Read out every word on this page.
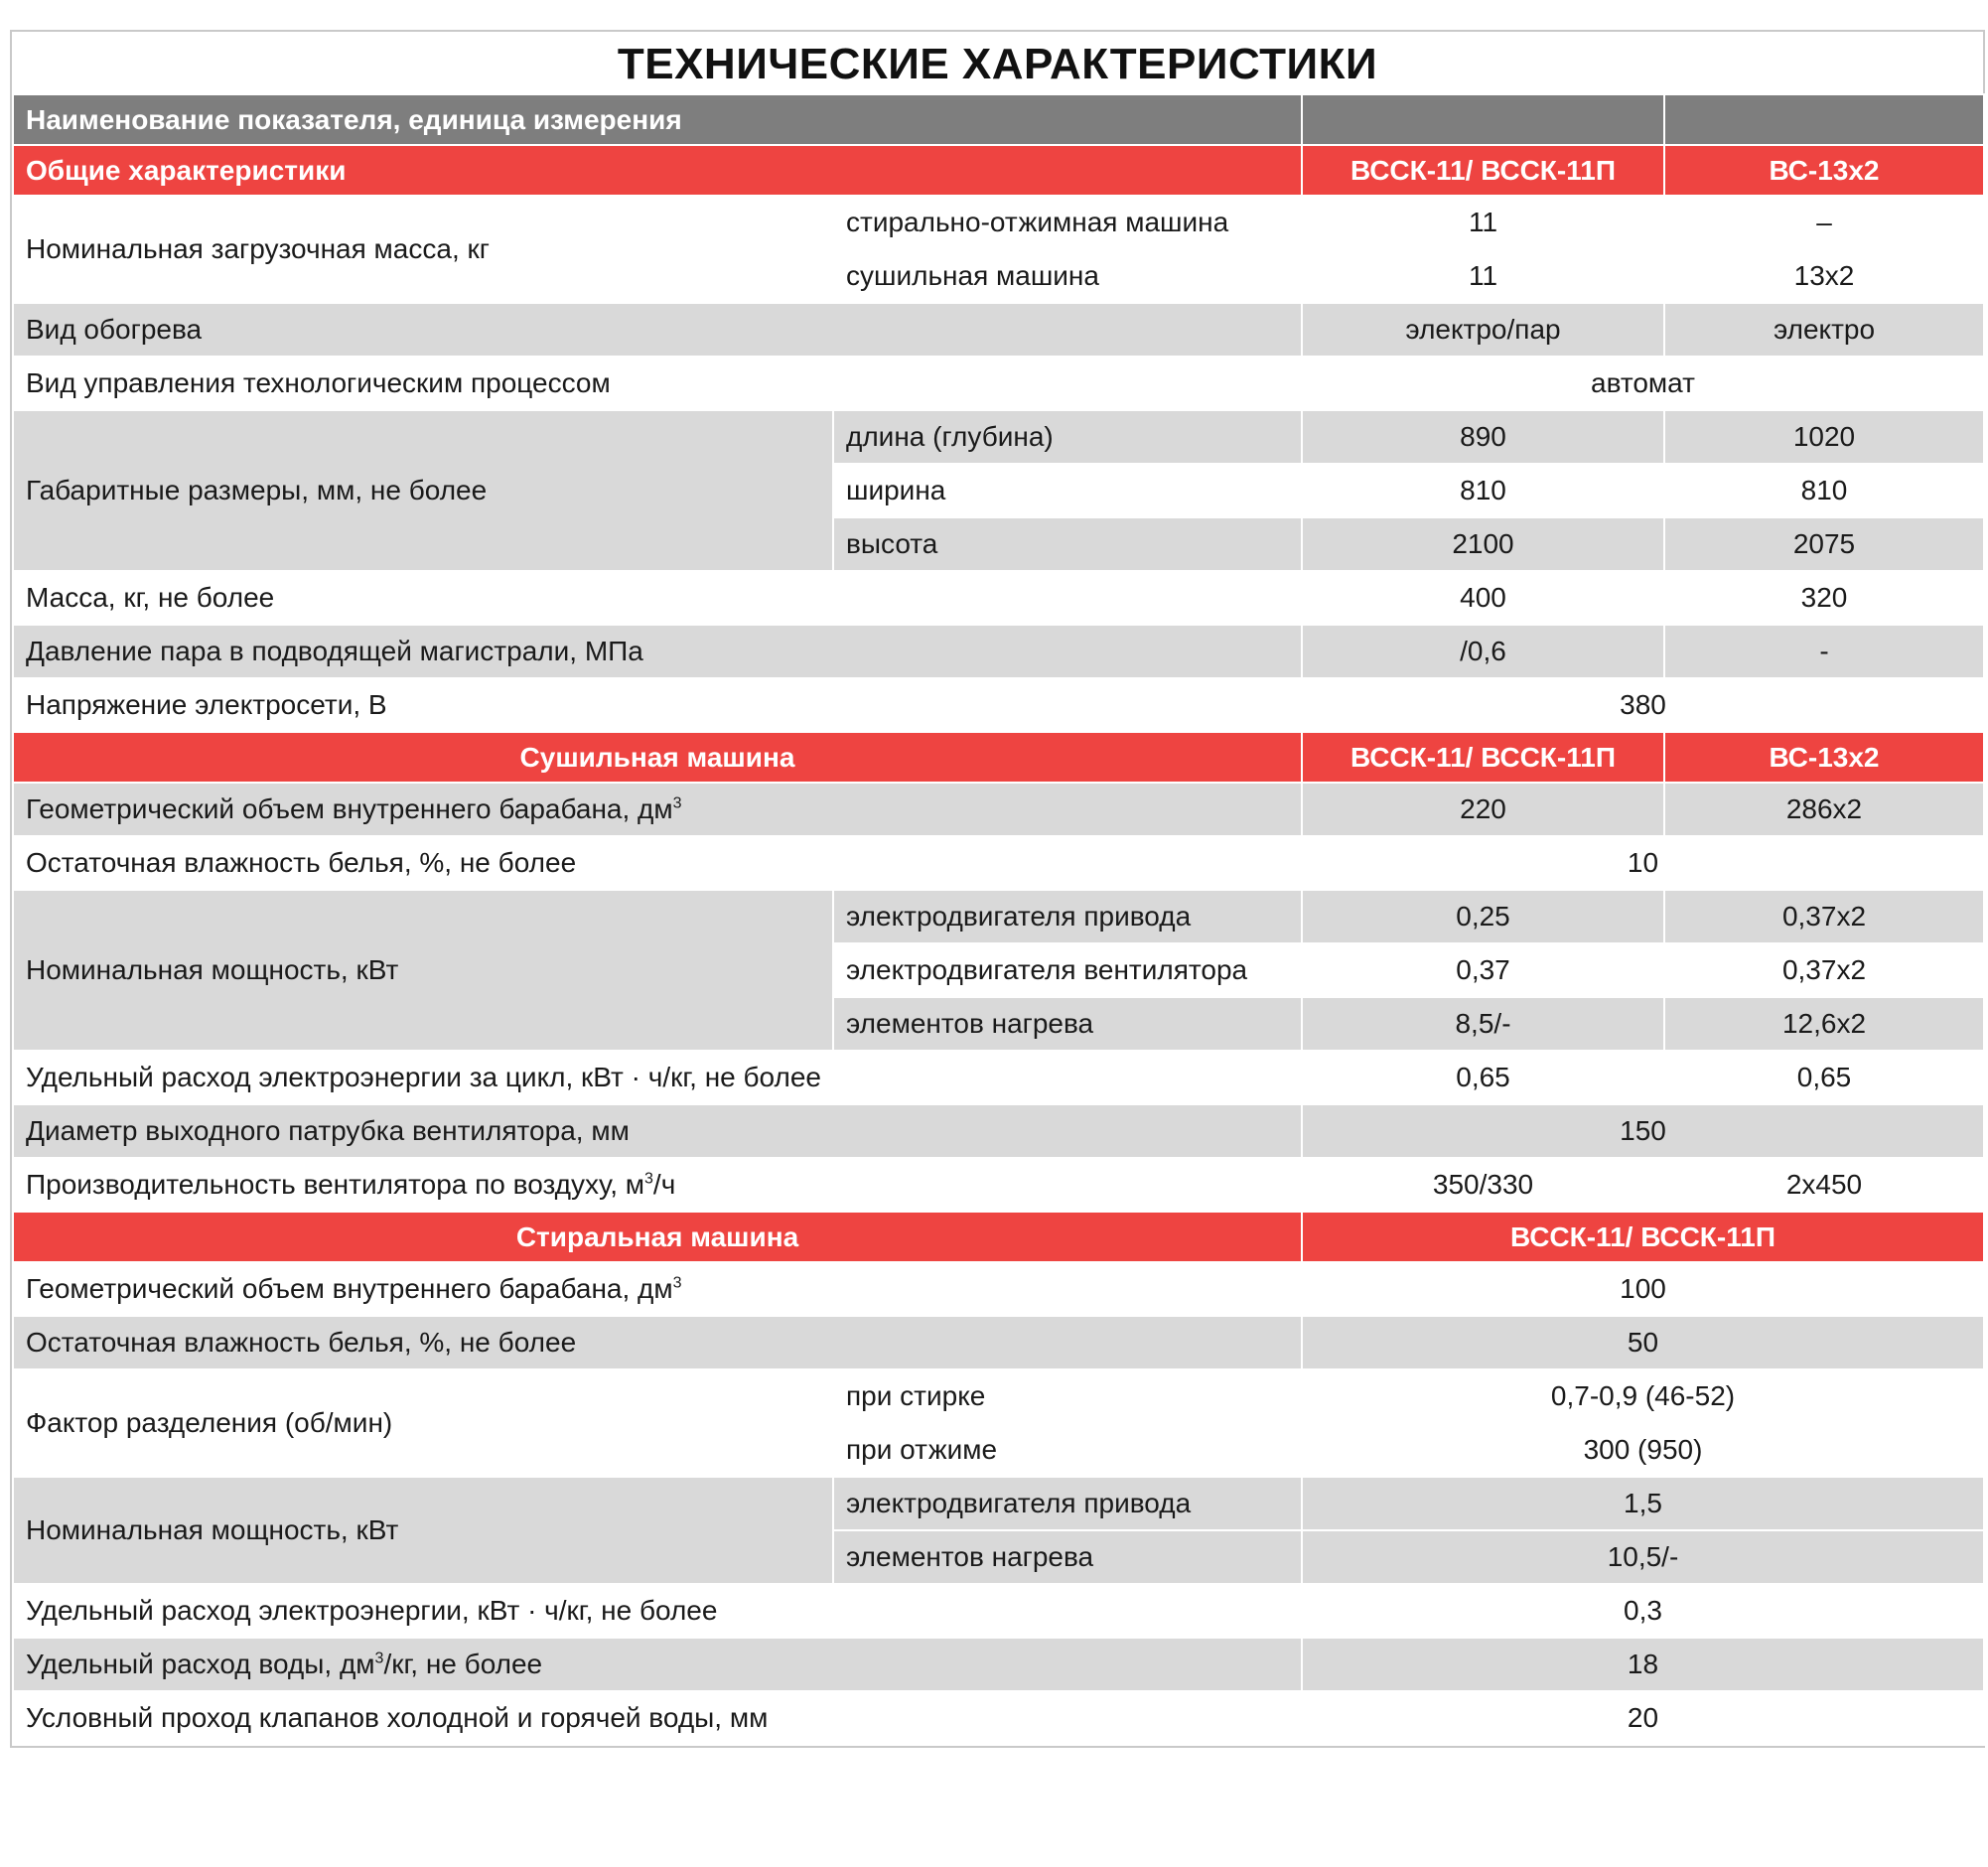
ТЕХНИЧЕСКИЕ ХАРАКТЕРИСТИКИ
Наименование показателя, единица измерения			
Общие характеристики		ВССК-11/ ВССК-11П	ВС-13х2
Номинальная загрузочная масса, кг	стирально-отжимная машина	11	–
	сушильная машина	11	13х2
Вид обогрева		электро/пар	электро
Вид управления технологическим процессом		автомат	
Габаритные размеры, мм, не более	длина (глубина)	890	1020
	ширина	810	810
	высота	2100	2075
Масса, кг, не более		400	320
Давление пара в подводящей магистрали, МПа		/0,6	-
Напряжение электросети, В		380	
Сушильная машина		ВССК-11/ ВССК-11П	ВС-13х2
Геометрический объем внутреннего барабана, $дм^3$		220	286х2
Остаточная влажность белья, %, не более		10	
Номинальная мощность, кВт	электродвигателя привода	0,25	0,37х2
	электродвигателя вентилятора	0,37	0,37х2
	элементов нагрева	8,5/-	12,6х2
Удельный расход электроэнергии за цикл, кВт · ч/кг, не более		0,65	0,65
Диаметр выходного патрубка вентилятора, мм		150	
Производительность вентилятора по воздуху, $м^3/ч$		350/330	2х450
Стиральная машина		ВССК-11/ ВССК-11П	
Геометрический объем внутреннего барабана, $дм^3$		100	
Остаточная влажность белья, %, не более		50	
Фактор разделения (об/мин)	при стирке	0,7-0,9 (46-52)	
	при отжиме	300 (950)	
Номинальная мощность, кВт	электродвигателя привода	1,5	
	элементов нагрева	10,5/-	
Удельный расход электроэнергии, кВт · ч/кг, не более		0,3	
Удельный расход воды, $дм^3/кг$, не более		18	
Условный проход клапанов холодной и горячей воды, мм		20	
